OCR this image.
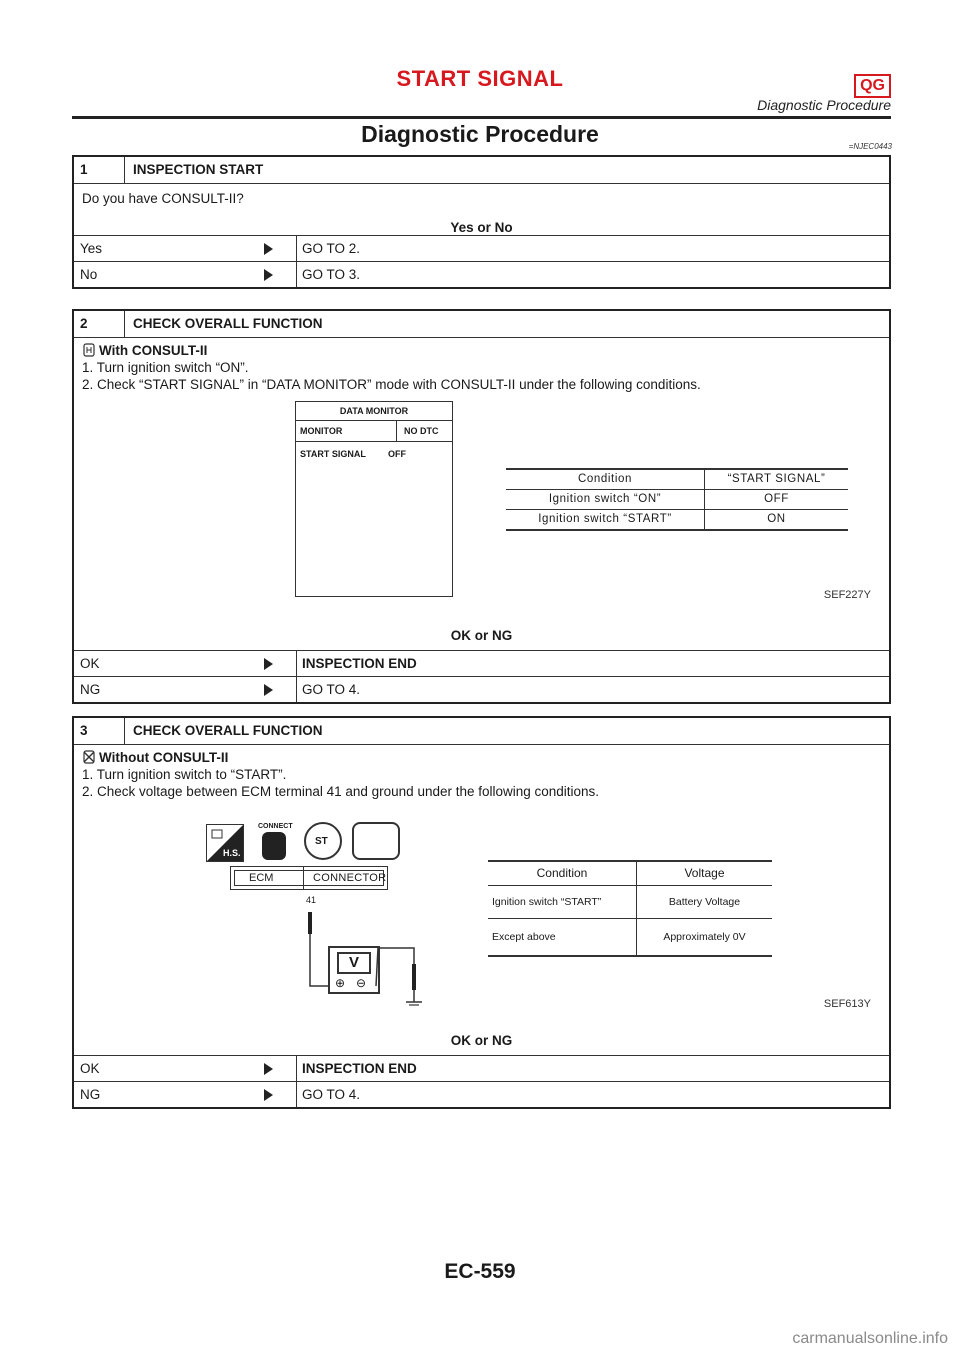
START SIGNAL	QG
Diagnostic Procedure
Diagnostic Procedure	=NJEC0443
1	INSPECTION START
Do you have CONSULT-II?
Yes or No
Yes	GO TO 2.
No	GO TO 3.
2	CHECK OVERALL FUNCTION
With CONSULT-II
1. Turn ignition switch “ON”.
2. Check “START SIGNAL” in “DATA MONITOR” mode with CONSULT-II under the following conditions.
DATA MONITOR
MONITOR	NO DTC
START SIGNAL OFF
Condition	“START SIGNAL”
Ignition switch “ON”	OFF
Ignition switch “START”	ON
SEF227Y
OK or NG
OK	INSPECTION END
NG	GO TO 4.
3	CHECK OVERALL FUNCTION
Without CONSULT-II
1. Turn ignition switch to “START”.
2. Check voltage between ECM terminal 41 and ground under the following conditions.
H.S.
CONNECT
ST
ECM	CONNECTOR
41
V
⊕ ⊖
Condition	Voltage
Ignition switch “START”	Battery Voltage
Except above	Approximately 0V
SEF613Y
OK or NG
OK	INSPECTION END
NG	GO TO 4.
EC-559
carmanualsonline.info
